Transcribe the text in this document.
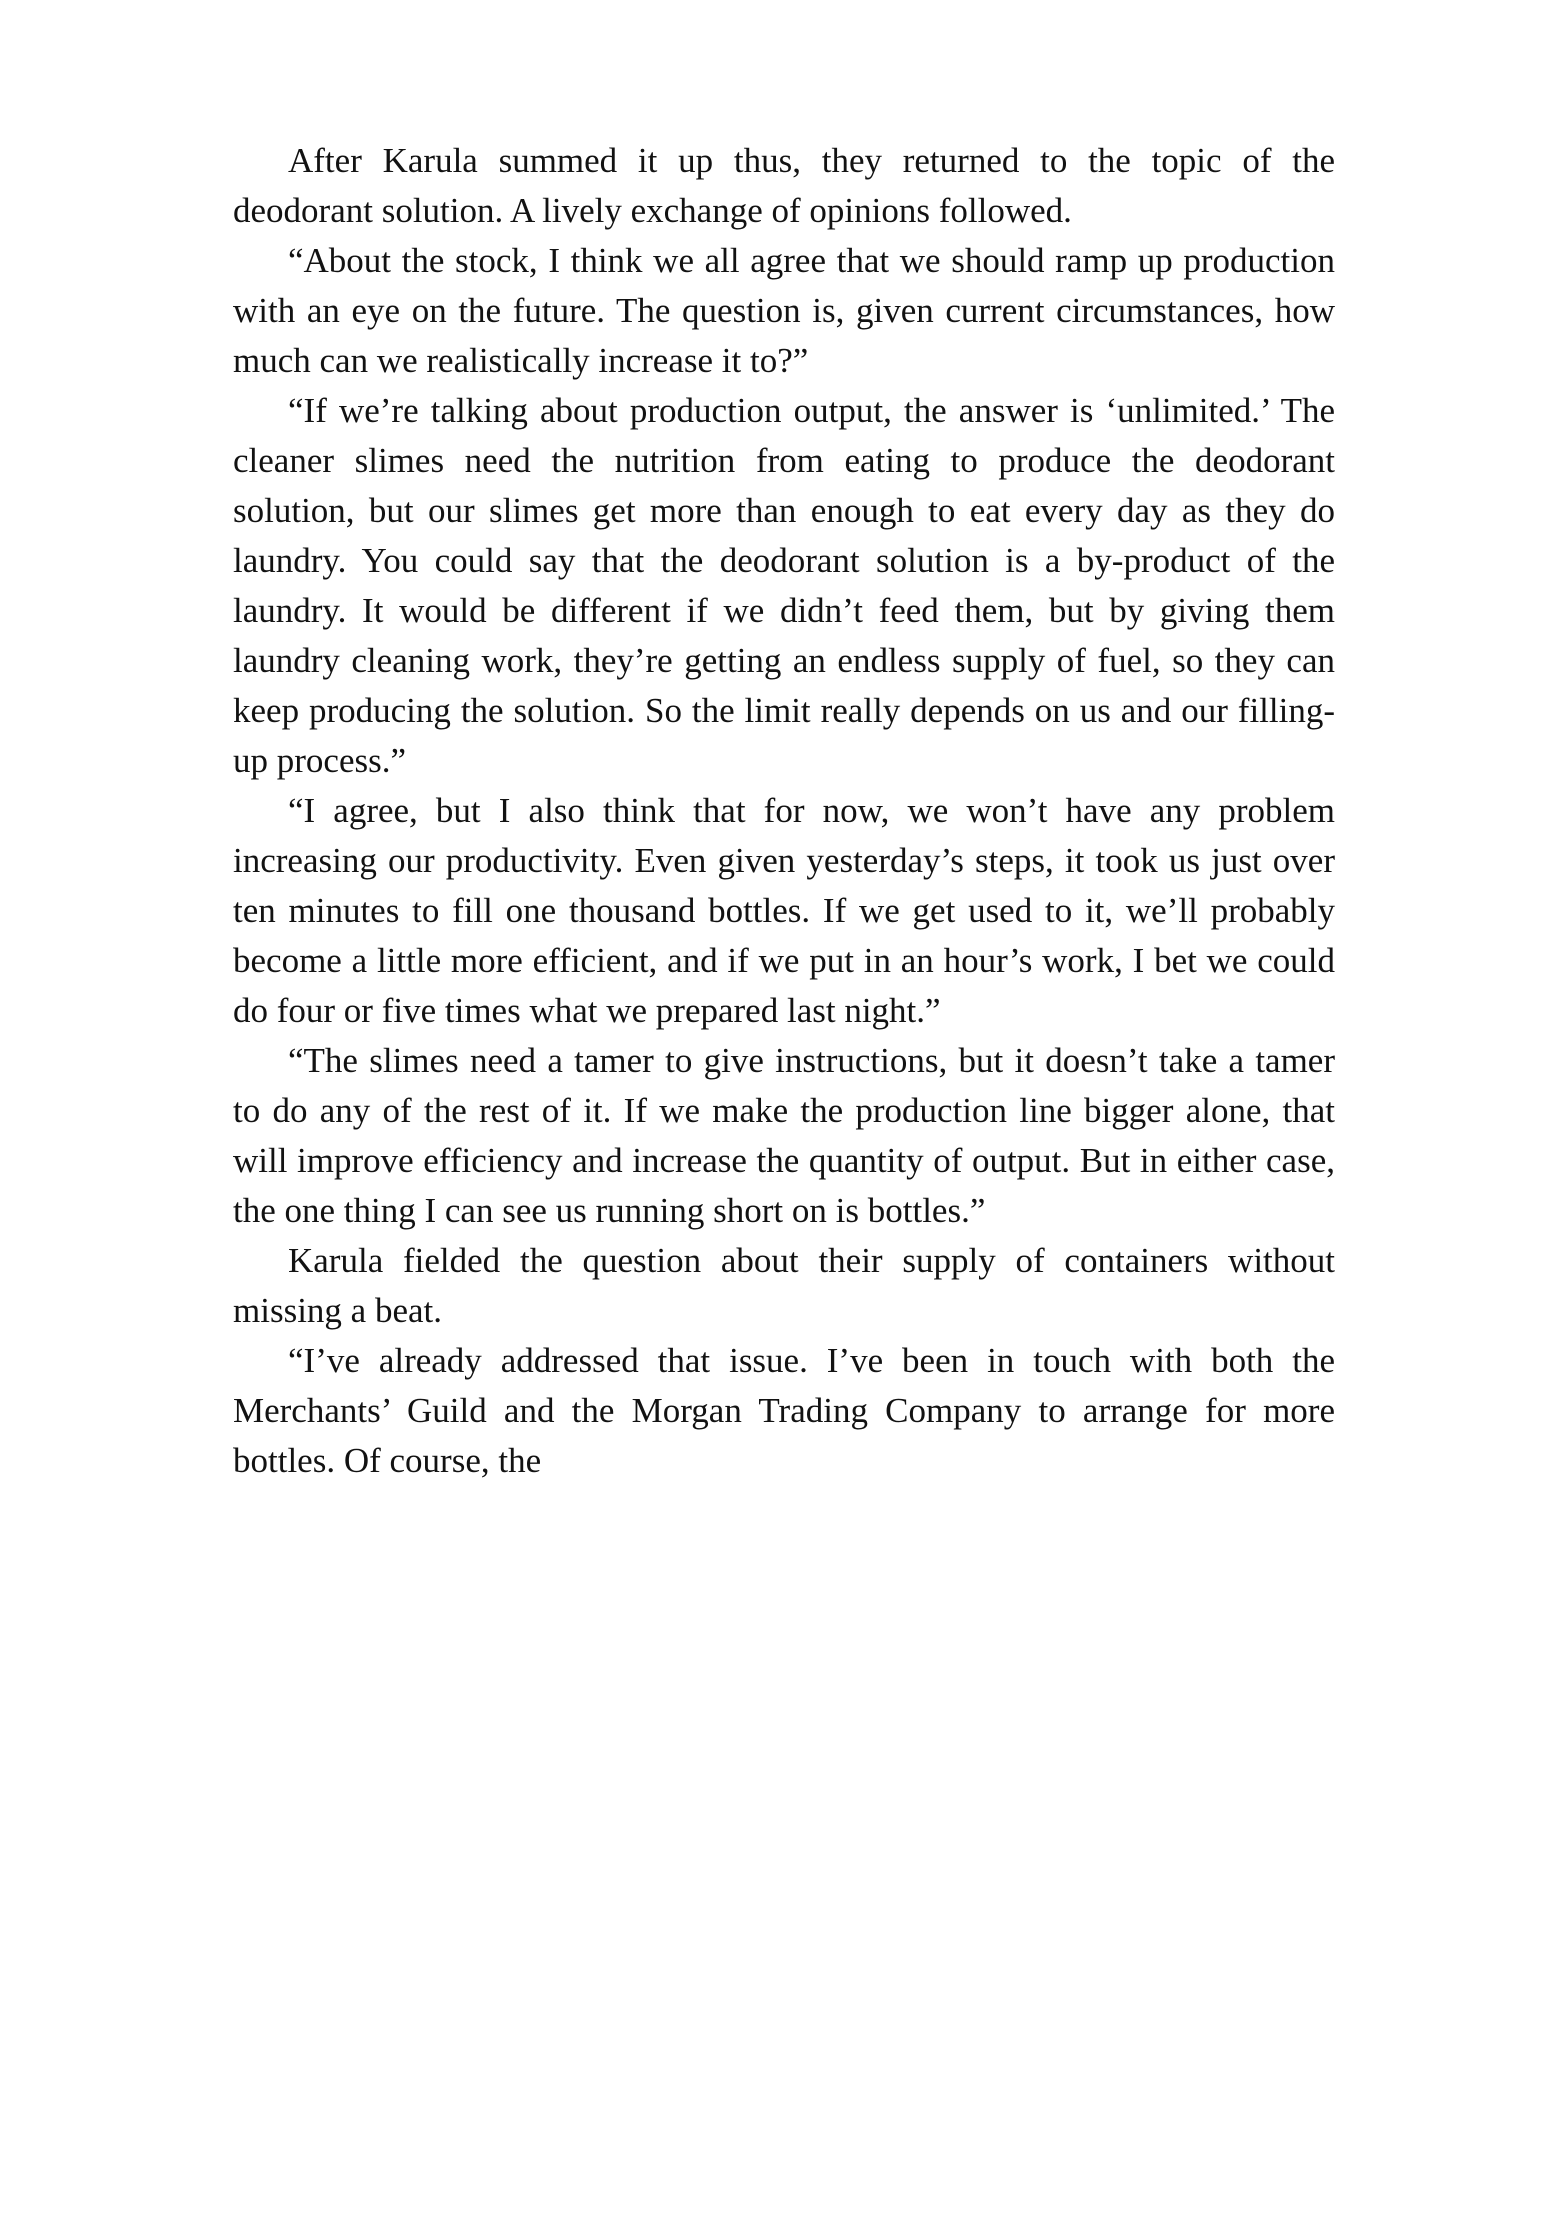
After Karula summed it up thus, they returned to the topic of the deodorant solution. A lively exchange of opinions followed.

“About the stock, I think we all agree that we should ramp up production with an eye on the future. The question is, given current circumstances, how much can we realistically increase it to?”

“If we’re talking about production output, the answer is ‘unlimited.’ The cleaner slimes need the nutrition from eating to produce the deodorant solution, but our slimes get more than enough to eat every day as they do laundry. You could say that the deodorant solution is a by-product of the laundry. It would be different if we didn’t feed them, but by giving them laundry cleaning work, they’re getting an endless supply of fuel, so they can keep producing the solution. So the limit really depends on us and our filling-up process.”

“I agree, but I also think that for now, we won’t have any problem increasing our productivity. Even given yesterday’s steps, it took us just over ten minutes to fill one thousand bottles. If we get used to it, we’ll probably become a little more efficient, and if we put in an hour’s work, I bet we could do four or five times what we prepared last night.”

“The slimes need a tamer to give instructions, but it doesn’t take a tamer to do any of the rest of it. If we make the production line bigger alone, that will improve efficiency and increase the quantity of output. But in either case, the one thing I can see us running short on is bottles.”

Karula fielded the question about their supply of containers without missing a beat.

“I’ve already addressed that issue. I’ve been in touch with both the Merchants’ Guild and the Morgan Trading Company to arrange for more bottles. Of course, the
